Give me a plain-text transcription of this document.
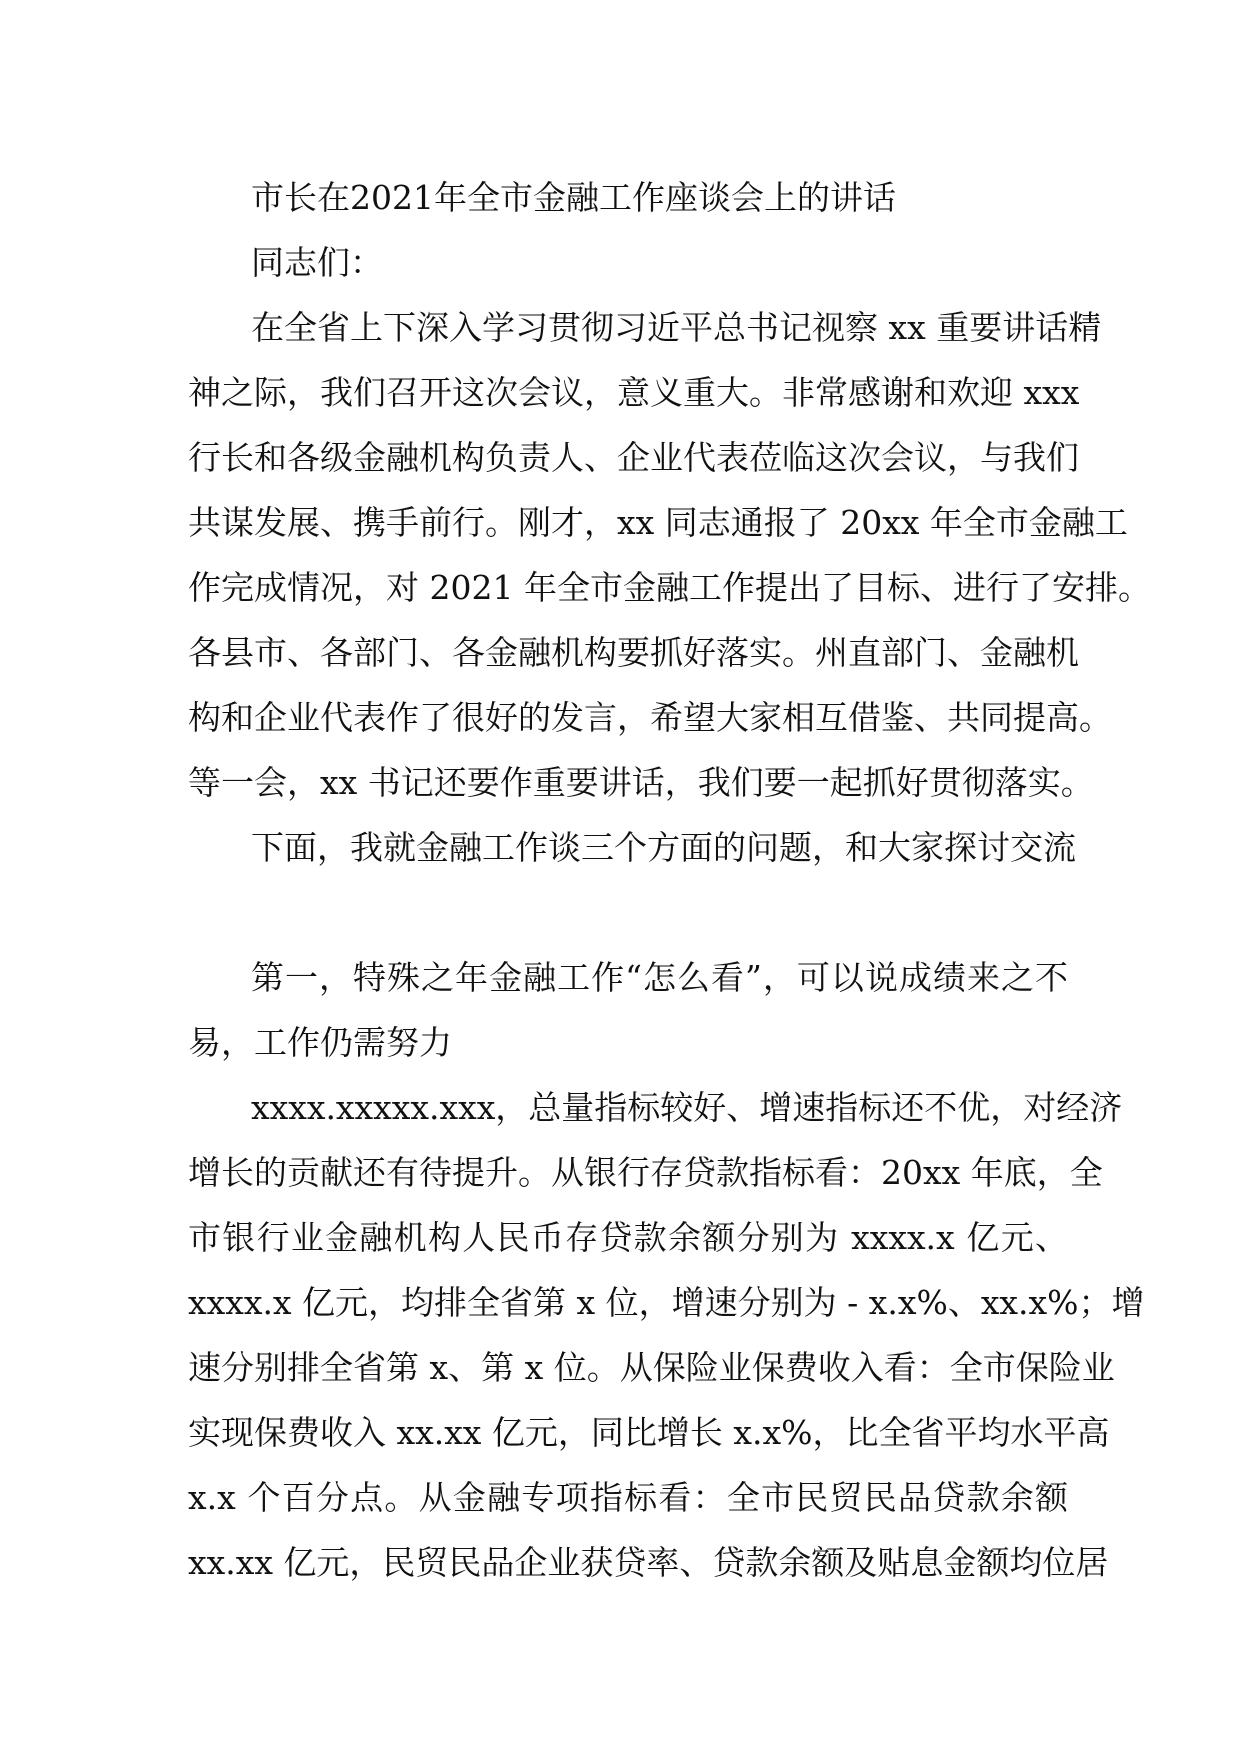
市长在2021年全市金融工作座谈会上的讲话
同志们：
在全省上下深入学习贯彻习近平总书记视察 xx 重要讲话精
神之际，我们召开这次会议，意义重大。非常感谢和欢迎 xxx
行长和各级金融机构负责人、企业代表莅临这次会议，与我们
共谋发展、携手前行。刚才，xx 同志通报了 20xx 年全市金融工
作完成情况，对 2021 年全市金融工作提出了目标、进行了安排。
各县市、各部门、各金融机构要抓好落实。州直部门、金融机
构和企业代表作了很好的发言，希望大家相互借鉴、共同提高。
等一会，xx 书记还要作重要讲话，我们要一起抓好贯彻落实。
下面，我就金融工作谈三个方面的问题，和大家探讨交流
第一，特殊之年金融工作“怎么看”，可以说成绩来之不
易，工作仍需努力
xxxx.xxxxx.xxx，总量指标较好、增速指标还不优，对经济
增长的贡献还有待提升。从银行存贷款指标看：20xx 年底，全
市银行业金融机构人民币存贷款余额分别为 xxxx.x 亿元、
xxxx.x 亿元，均排全省第 x 位，增速分别为 - x.x%、xx.x%；增
速分别排全省第 x、第 x 位。从保险业保费收入看：全市保险业
实现保费收入 xx.xx 亿元，同比增长 x.x%，比全省平均水平高
x.x 个百分点。从金融专项指标看：全市民贸民品贷款余额
xx.xx 亿元，民贸民品企业获贷率、贷款余额及贴息金额均位居
